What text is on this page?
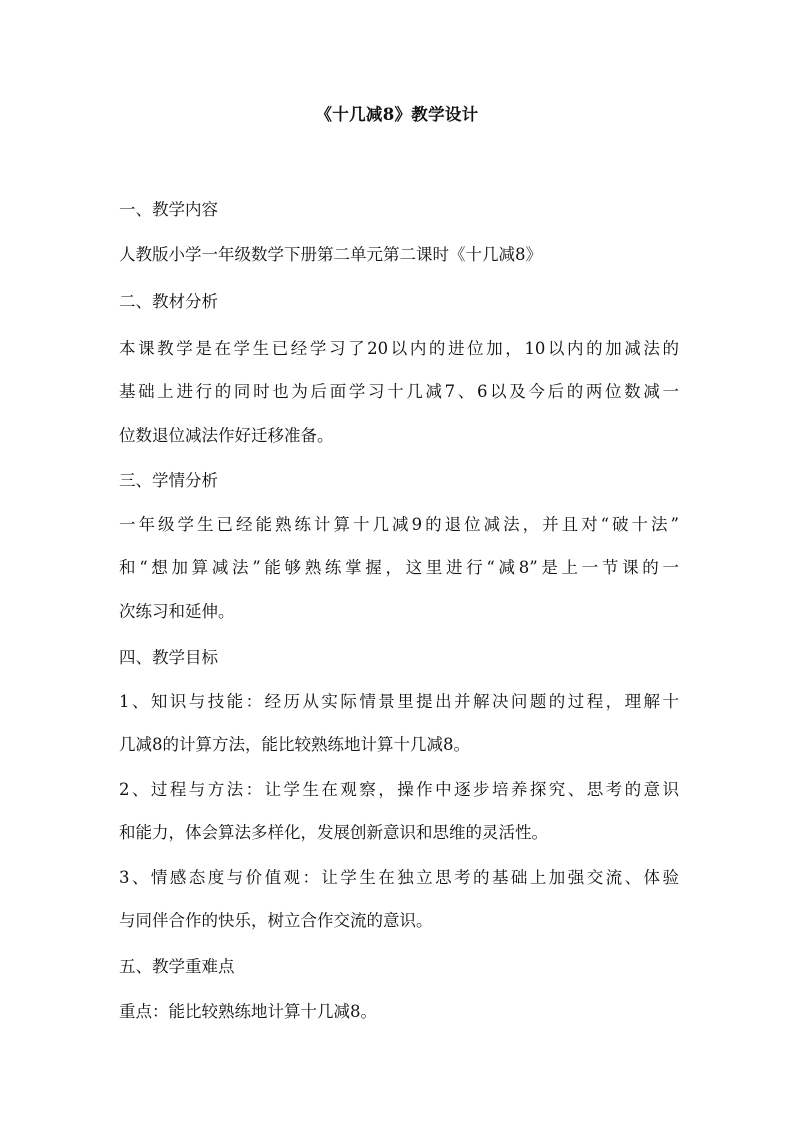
《十几减8》教学设计
一、教学内容
人教版小学一年级数学下册第二单元第二课时《十几减8》
二、教材分析
本课教学是在学生已经学习了20以内的进位加，10以内的加减法的
基础上进行的同时也为后面学习十几减7、6以及今后的两位数减一
位数退位减法作好迁移准备。
三、学情分析
一年级学生已经能熟练计算十几减9的退位减法，并且对“破十法”
和“想加算减法”能够熟练掌握，这里进行“减8”是上一节课的一
次练习和延伸。
四、教学目标
1、知识与技能：经历从实际情景里提出并解决问题的过程，理解十
几减8的计算方法，能比较熟练地计算十几减8。
2、过程与方法：让学生在观察，操作中逐步培养探究、思考的意识
和能力，体会算法多样化，发展创新意识和思维的灵活性。
3、情感态度与价值观：让学生在独立思考的基础上加强交流、体验
与同伴合作的快乐，树立合作交流的意识。
五、教学重难点
重点：能比较熟练地计算十几减8。
